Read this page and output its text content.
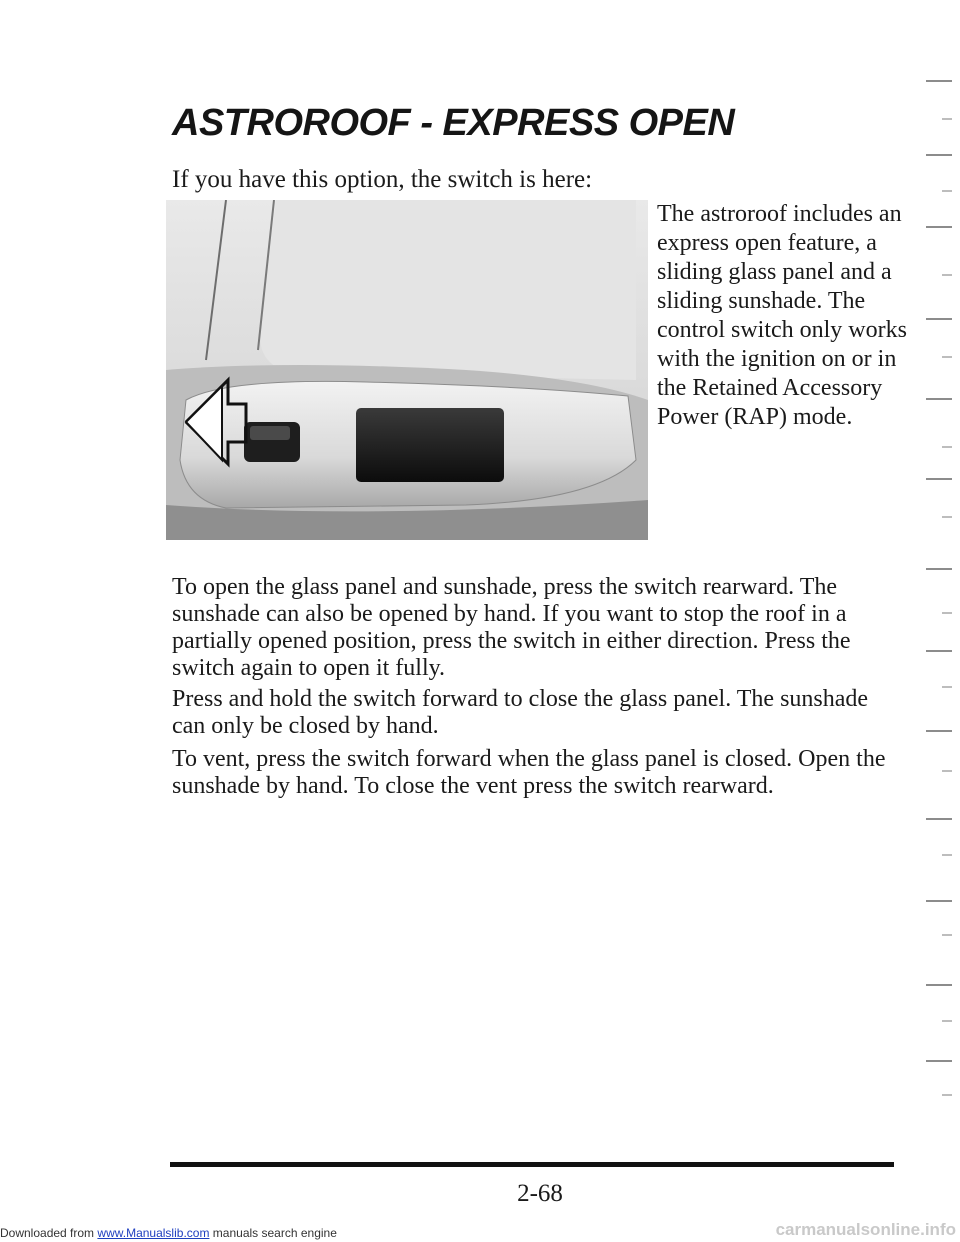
ASTROROOF - EXPRESS OPEN

If you have this option, the switch is here:

The astroroof includes an express open feature, a sliding glass panel and a sliding sunshade. The control switch only works with the ignition on or in the Retained Accessory Power (RAP) mode.

To open the glass panel and sunshade, press the switch rearward. The sunshade can also be opened by hand. If you want to stop the roof in a partially opened position, press the switch in either direction. Press the switch again to open it fully.

Press and hold the switch forward to close the glass panel. The sunshade can only be closed by hand.

To vent, press the switch forward when the glass panel is closed. Open the sunshade by hand. To close the vent press the switch rearward.

2-68

Downloaded from www.Manualslib.com manuals search engine	carmanualsonline.info
